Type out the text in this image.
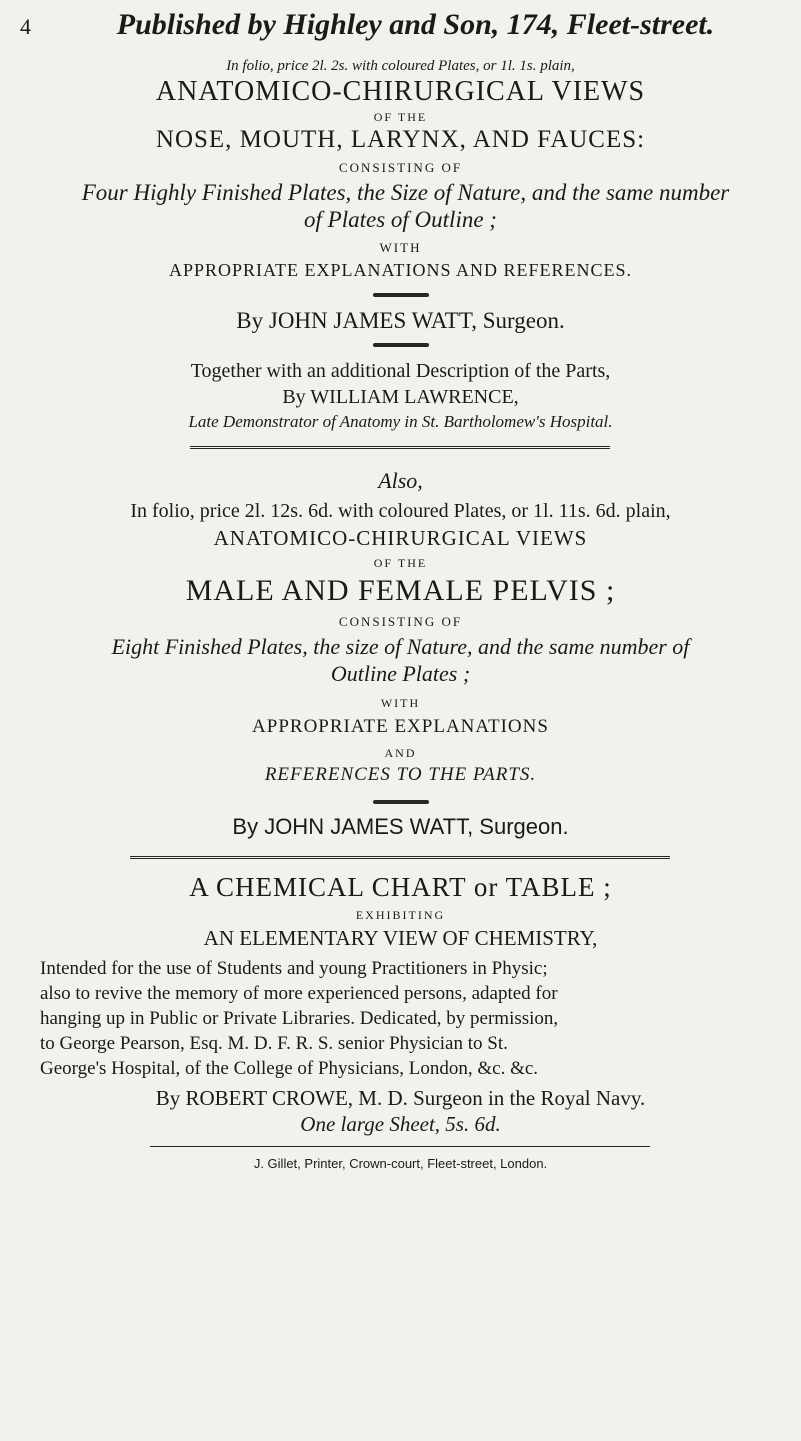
4	Published by Highley and Son, 174, Fleet-street.
In folio, price 2l. 2s. with coloured Plates, or 1l. 1s. plain,
ANATOMICO-CHIRURGICAL VIEWS
OF THE
NOSE, MOUTH, LARYNX, AND FAUCES:
CONSISTING OF
Four Highly Finished Plates, the Size of Nature, and the same number
of Plates of Outline ;
WITH
APPROPRIATE EXPLANATIONS AND REFERENCES.
By JOHN JAMES WATT, Surgeon.
Together with an additional Description of the Parts,
By WILLIAM LAWRENCE,
Late Demonstrator of Anatomy in St. Bartholomew's Hospital.
Also,
In folio, price 2l. 12s. 6d. with coloured Plates, or 1l. 11s. 6d. plain,
ANATOMICO-CHIRURGICAL VIEWS
OF THE
MALE AND FEMALE PELVIS ;
CONSISTING OF
Eight Finished Plates, the size of Nature, and the same number of
Outline Plates ;
WITH
APPROPRIATE EXPLANATIONS
AND
REFERENCES TO THE PARTS.
By JOHN JAMES WATT, Surgeon.
A CHEMICAL CHART or TABLE ;
EXHIBITING
AN ELEMENTARY VIEW OF CHEMISTRY,
Intended for the use of Students and young Practitioners in Physic;
also to revive the memory of more experienced persons, adapted for
hanging up in Public or Private Libraries. Dedicated, by permission,
to George Pearson, Esq. M. D. F. R. S. senior Physician to St.
George's Hospital, of the College of Physicians, London, &c. &c.
By ROBERT CROWE, M. D. Surgeon in the Royal Navy.
One large Sheet, 5s. 6d.
J. Gillet, Printer, Crown-court, Fleet-street, London.
